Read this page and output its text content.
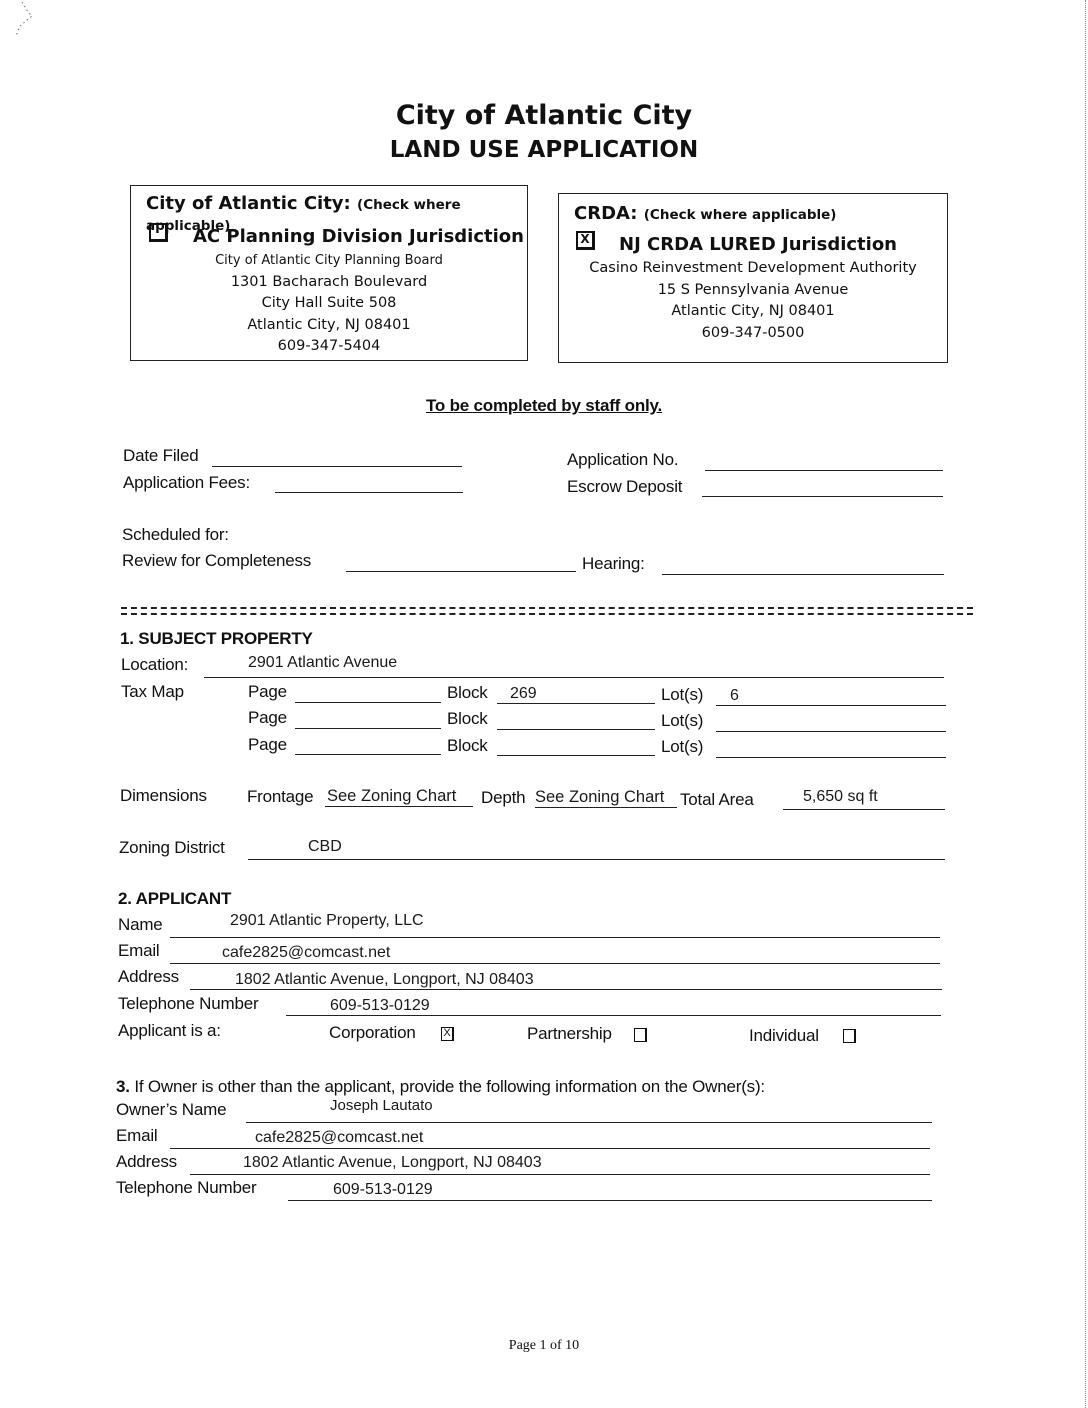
City of Atlantic City
LAND USE APPLICATION
City of Atlantic City: (Check where applicable)
AC Planning Division Jurisdiction
City of Atlantic City Planning Board
1301 Bacharach Boulevard
City Hall Suite 508
Atlantic City, NJ 08401
609-347-5404
CRDA: (Check where applicable)
X NJ CRDA LURED Jurisdiction
Casino Reinvestment Development Authority
15 S Pennsylvania Avenue
Atlantic City, NJ 08401
609-347-0500
To be completed by staff only.
Date Filed
Application Fees:
Application No.
Escrow Deposit
Scheduled for:
Review for Completeness	Hearing:
1. SUBJECT PROPERTY
Location:	2901 Atlantic Avenue
Tax Map	Page	Block 269	Lot(s) 6
Page	Block	Lot(s)
Page	Block	Lot(s)
Dimensions Frontage See Zoning Chart Depth See Zoning Chart Total Area	5,650 sq ft
Zoning District	CBD
2. APPLICANT
Name	2901 Atlantic Property, LLC
Email	cafe2825@comcast.net
Address	1802 Atlantic Avenue, Longport, NJ 08403
Telephone Number	609-513-0129
Applicant is a:	Corporation	X	Partnership	Individual
3. If Owner is other than the applicant, provide the following information on the Owner(s):
Owner’s Name	Joseph Lautato
Email	cafe2825@comcast.net
Address	1802 Atlantic Avenue, Longport, NJ 08403
Telephone Number	609-513-0129
Page 1 of 10
